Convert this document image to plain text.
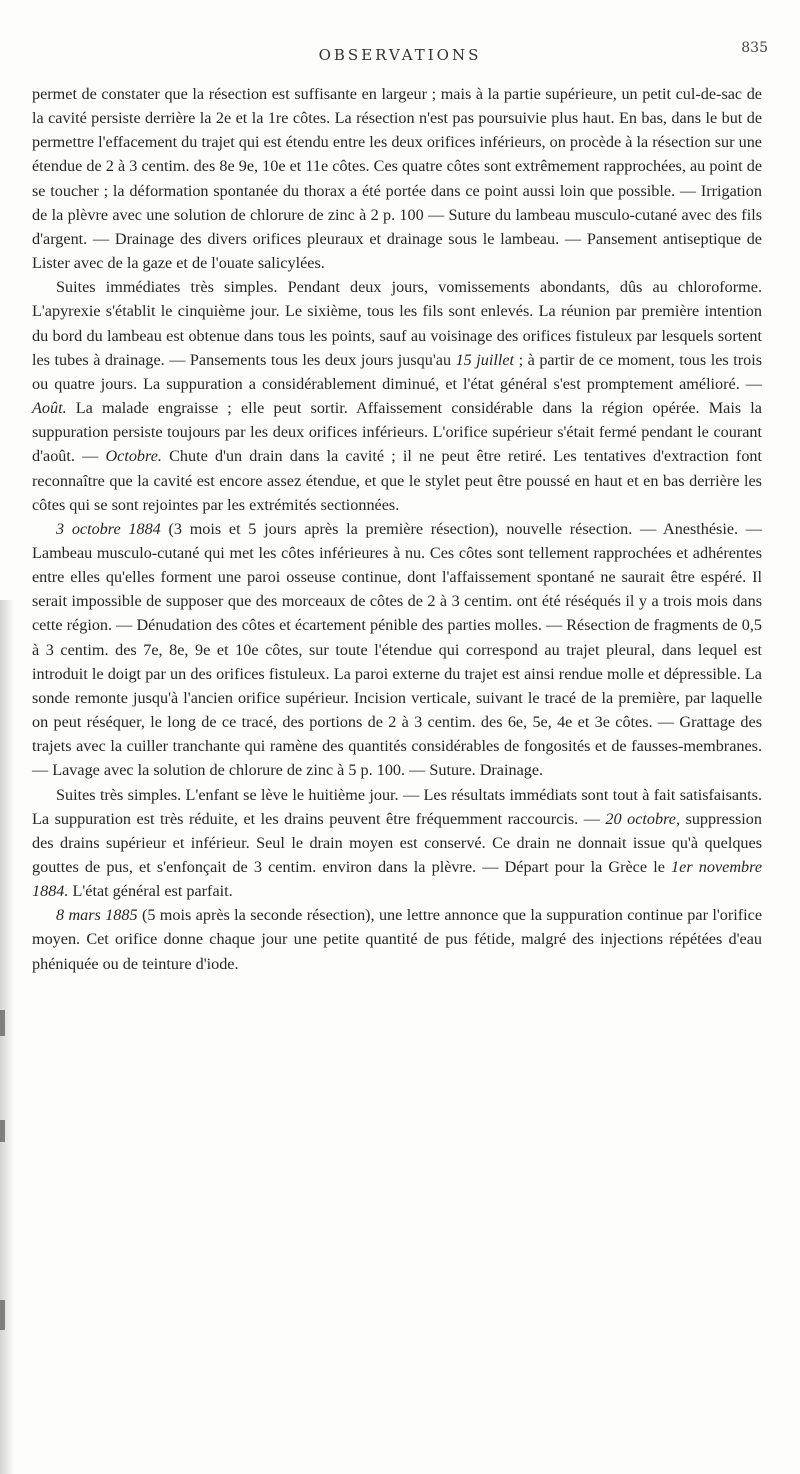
OBSERVATIONS	835

permet de constater que la résection est suffisante en largeur ; mais à la partie supérieure, un petit cul-de-sac de la cavité persiste derrière la 2e et la 1re côtes. La résection n'est pas poursuivie plus haut. En bas, dans le but de permettre l'effacement du trajet qui est étendu entre les deux orifices inférieurs, on procède à la résection sur une étendue de 2 à 3 centim. des 8e 9e, 10e et 11e côtes. Ces quatre côtes sont extrêmement rapprochées, au point de se toucher ; la déformation spontanée du thorax a été portée dans ce point aussi loin que possible. — Irrigation de la plèvre avec une solution de chlorure de zinc à 2 p. 100 — Suture du lambeau musculo-cutané avec des fils d'argent. — Drainage des divers orifices pleuraux et drainage sous le lambeau. — Pansement antiseptique de Lister avec de la gaze et de l'ouate salicylées.

Suites immédiates très simples. Pendant deux jours, vomissements abondants, dûs au chloroforme. L'apyrexie s'établit le cinquième jour. Le sixième, tous les fils sont enlevés. La réunion par première intention du bord du lambeau est obtenue dans tous les points, sauf au voisinage des orifices fistuleux par lesquels sortent les tubes à drainage. — Pansements tous les deux jours jusqu'au 15 juillet ; à partir de ce moment, tous les trois ou quatre jours. La suppuration a considérablement diminué, et l'état général s'est promptement amélioré. — Août. La malade engraisse ; elle peut sortir. Affaissement considérable dans la région opérée. Mais la suppuration persiste toujours par les deux orifices inférieurs. L'orifice supérieur s'était fermé pendant le courant d'août. — Octobre. Chute d'un drain dans la cavité ; il ne peut être retiré. Les tentatives d'extraction font reconnaître que la cavité est encore assez étendue, et que le stylet peut être poussé en haut et en bas derrière les côtes qui se sont rejointes par les extrémités sectionnées.

3 octobre 1884 (3 mois et 5 jours après la première résection), nouvelle résection. — Anesthésie. — Lambeau musculo-cutané qui met les côtes inférieures à nu. Ces côtes sont tellement rapprochées et adhérentes entre elles qu'elles forment une paroi osseuse continue, dont l'affaissement spontané ne saurait être espéré. Il serait impossible de supposer que des morceaux de côtes de 2 à 3 centim. ont été réséqués il y a trois mois dans cette région. — Dénudation des côtes et écartement pénible des parties molles. — Résection de fragments de 0,5 à 3 centim. des 7e, 8e, 9e et 10e côtes, sur toute l'étendue qui correspond au trajet pleural, dans lequel est introduit le doigt par un des orifices fistuleux. La paroi externe du trajet est ainsi rendue molle et dépressible. La sonde remonte jusqu'à l'ancien orifice supérieur. Incision verticale, suivant le tracé de la première, par laquelle on peut réséquer, le long de ce tracé, des portions de 2 à 3 centim. des 6e, 5e, 4e et 3e côtes. — Grattage des trajets avec la cuiller tranchante qui ramène des quantités considérables de fongosités et de fausses-membranes. — Lavage avec la solution de chlorure de zinc à 5 p. 100. — Suture. Drainage.

Suites très simples. L'enfant se lève le huitième jour. — Les résultats immédiats sont tout à fait satisfaisants. La suppuration est très réduite, et les drains peuvent être fréquemment raccourcis. — 20 octobre, suppression des drains supérieur et inférieur. Seul le drain moyen est conservé. Ce drain ne donnait issue qu'à quelques gouttes de pus, et s'enfonçait de 3 centim. environ dans la plèvre. — Départ pour la Grèce le 1er novembre 1884. L'état général est parfait.

8 mars 1885 (5 mois après la seconde résection), une lettre annonce que la suppuration continue par l'orifice moyen. Cet orifice donne chaque jour une petite quantité de pus fétide, malgré des injections répétées d'eau phéniquée ou de teinture d'iode.
